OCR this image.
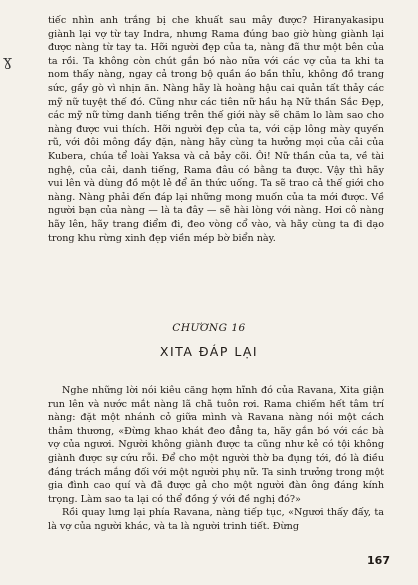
ɣ

tiếc nhìn anh trắng bị che khuất sau mây được? Hiranyakasipu giành lại vợ từ tay Indra, nhưng Rama đúng bao giờ hùng giành lại được nàng từ tay ta. Hỡi người đẹp của ta, nàng đã thư một bên của ta rồi. Ta không còn chút gắn bó nào nữa với các vợ của ta khi ta nom thấy nàng, ngay cả trong bộ quần áo bần thỉu, không đồ trang sức, gầy gò vì nhịn ăn. Nàng hãy là hoàng hậu cai quản tất thảy các mỹ nữ tuyệt thế đó. Cũng như các tiên nữ hầu hạ Nữ thần Sắc Đẹp, các mỹ nữ từng danh tiếng trên thế giới này sẽ chăm lo làm sao cho nàng được vui thích. Hỡi người đẹp của ta, với cặp lông mày quyến rũ, với đôi mông đầy đặn, nàng hãy cùng ta hưởng mọi của cải của Kubera, chúa tể loài Yaksa và cả bảy cõi. Ôi! Nữ thần của ta, về tài nghệ, của cải, danh tiếng, Rama đâu có bằng ta được. Vậy thì hãy vui lên và dùng đồ một lẻ để ăn thức uống. Ta sẽ trao cả thế giới cho nàng. Nàng phải đến đáp lại những mong muốn của ta mới được. Về người bạn của nàng — là ta đây — sẽ hài lòng với nàng. Hơi cô nàng hãy lên, hãy trang điểm đi, đeo vòng cổ vào, và hãy cùng ta đi dạo trong khu rừng xinh đẹp viền mép bờ biển này.

CHƯƠNG 16
XITA ĐÁP LẠI

Nghe những lời nói kiêu căng hợm hĩnh đó của Ravana, Xita giận run lên và nước mắt nàng lã chã tuôn rơi. Rama chiếm hết tâm trí nàng: đặt một nhánh cỏ giữa mình và Ravana nàng nói một cách thảm thương, «Đừng khao khát đeo đẳng ta, hãy gắn bó với các bà vợ của ngươi. Người không giành được ta cũng như kẻ có tội không giành được sự cứu rỗi. Để cho một người thờ ba đụng tới, đó là điều đáng trách mắng đối với một người phụ nữ. Ta sinh trưởng trong một gia đình cao quí và đã được gả cho một người đàn ông đáng kính trọng. Làm sao ta lại có thể đồng ý với đề nghị đó?»

Rồi quay lưng lại phía Ravana, nàng tiếp tục, «Ngươi thấy đấy, ta là vợ của người khác, và ta là người trinh tiết. Đừng

167
